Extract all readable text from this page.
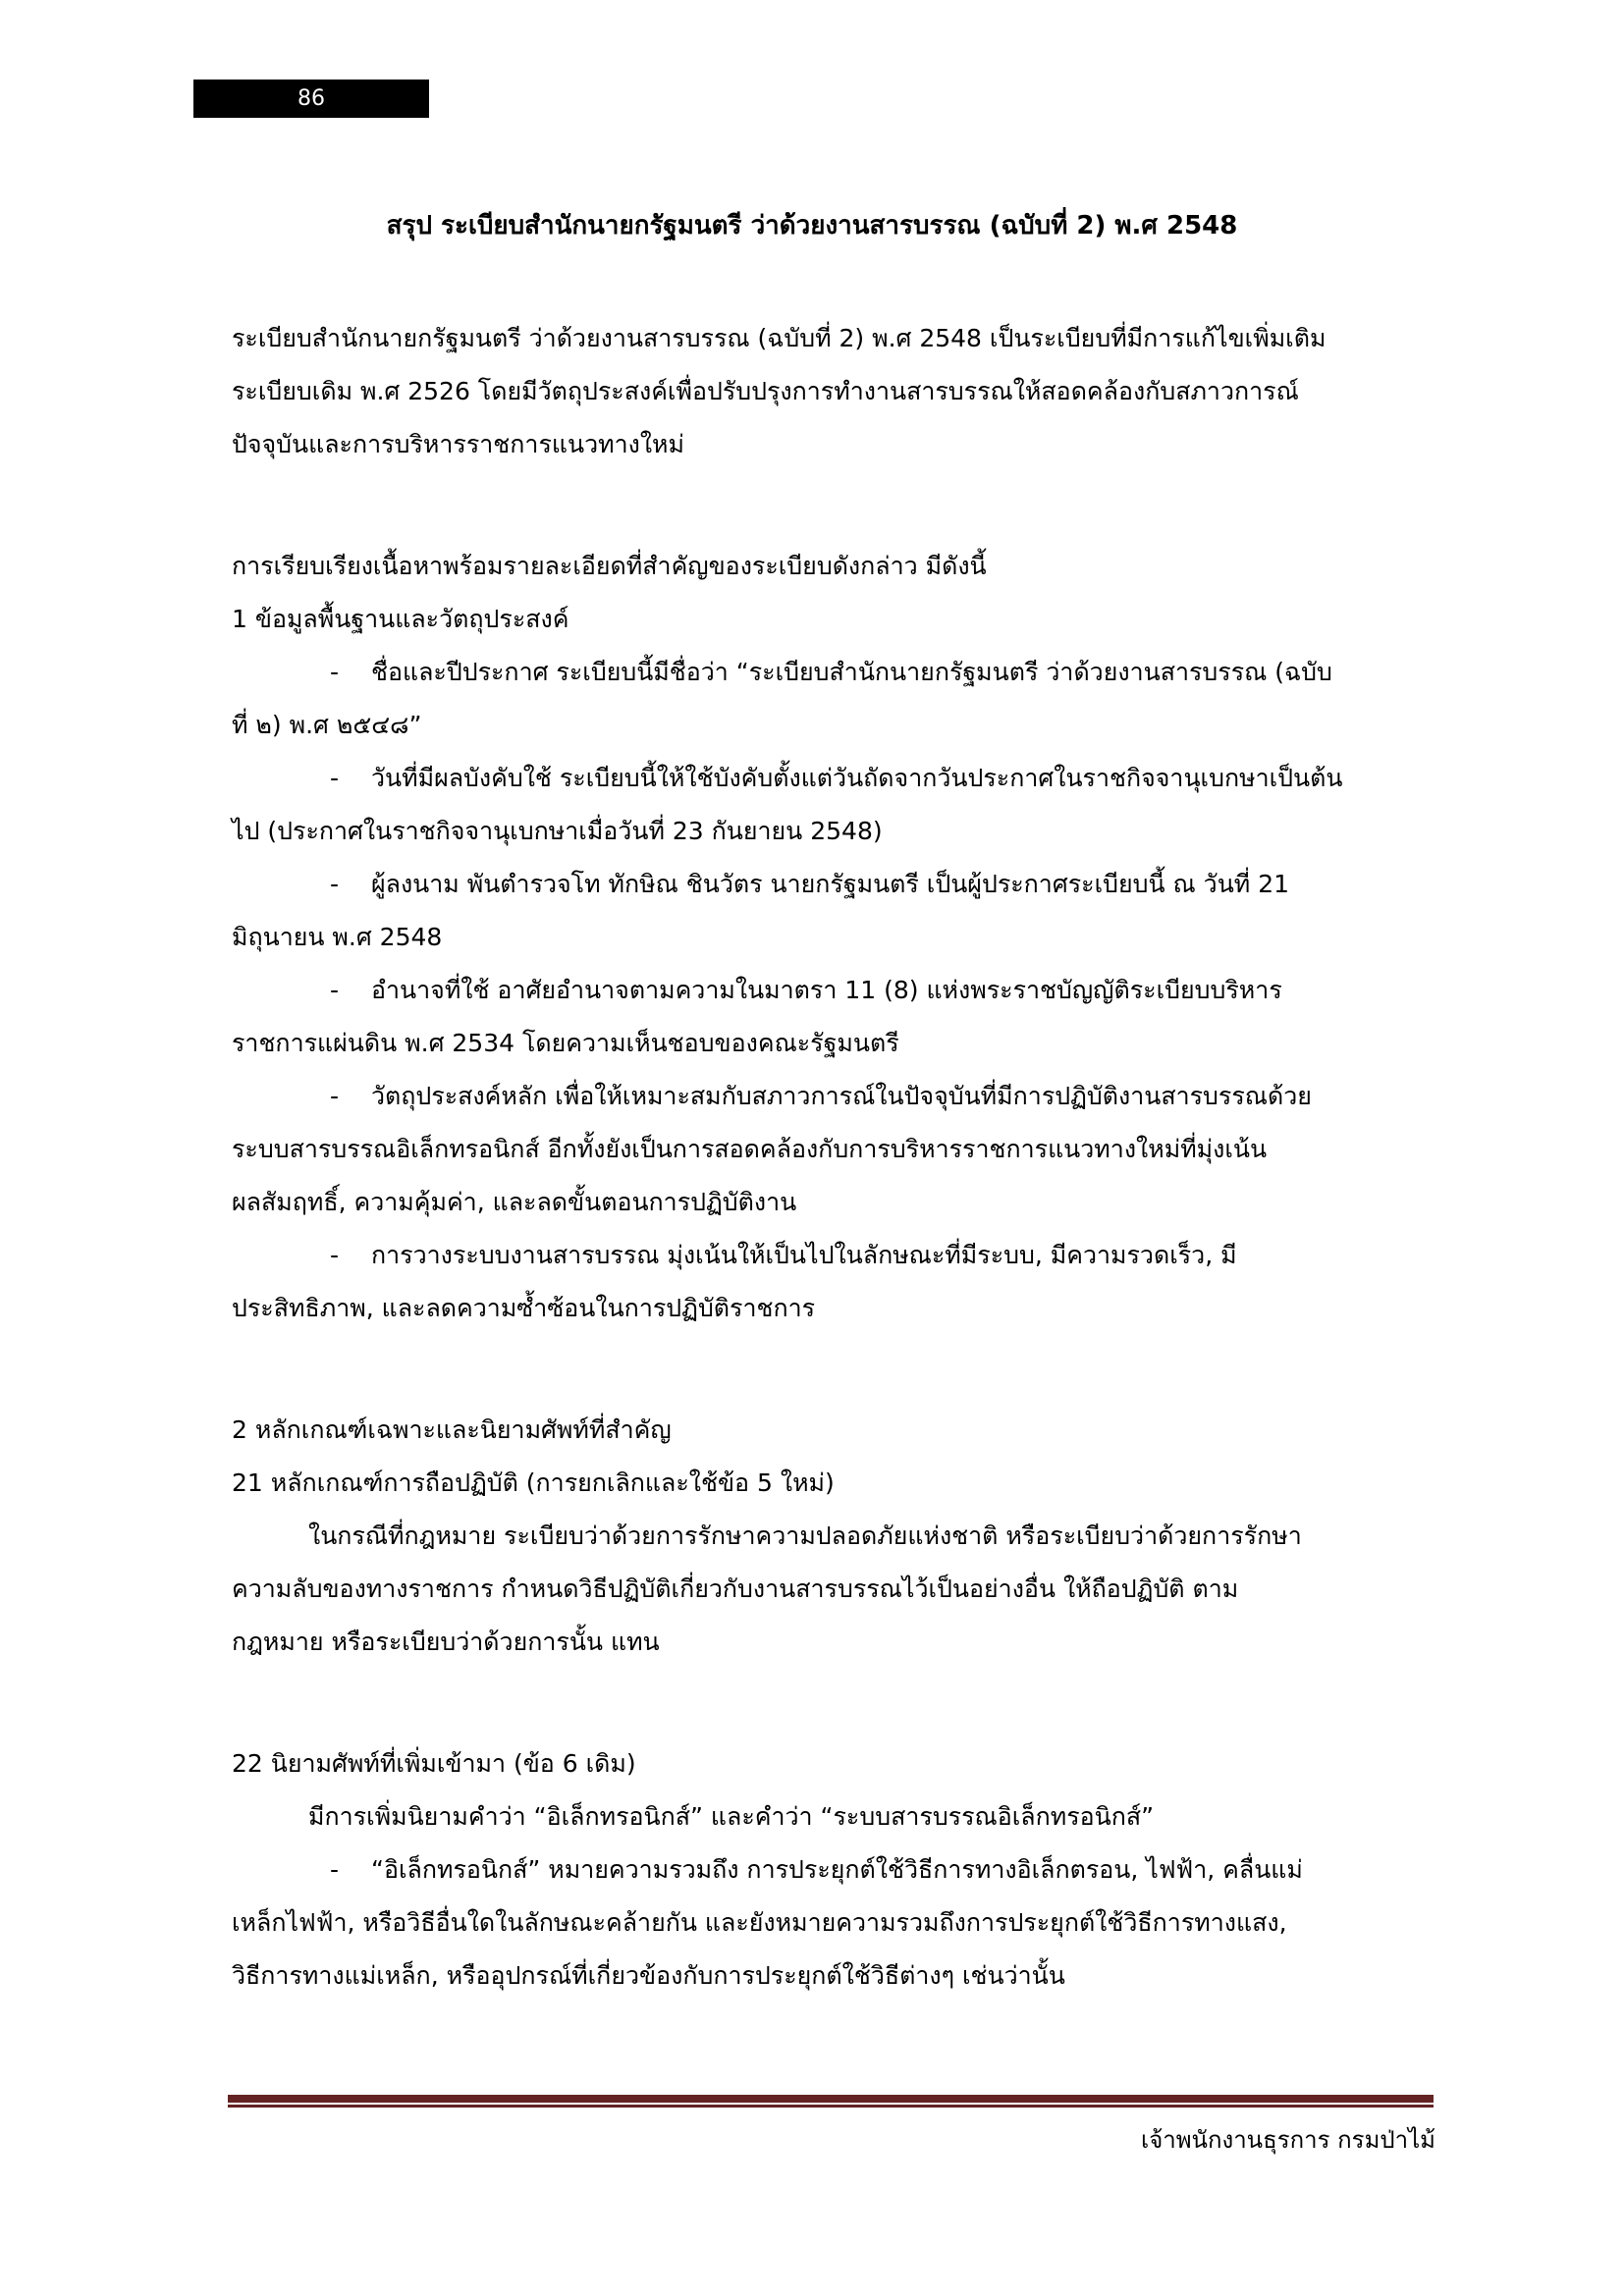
86
สรุป ระเบียบสำนักนายกรัฐมนตรี ว่าด้วยงานสารบรรณ (ฉบับที่ 2) พ.ศ 2548
ระเบียบสำนักนายกรัฐมนตรี ว่าด้วยงานสารบรรณ (ฉบับที่ 2) พ.ศ 2548 เป็นระเบียบที่มีการแก้ไขเพิ่มเติม
ระเบียบเดิม พ.ศ 2526 โดยมีวัตถุประสงค์เพื่อปรับปรุงการทำงานสารบรรณให้สอดคล้องกับสภาวการณ์
ปัจจุบันและการบริหารราชการแนวทางใหม่
การเรียบเรียงเนื้อหาพร้อมรายละเอียดที่สำคัญของระเบียบดังกล่าว มีดังนี้
1 ข้อมูลพื้นฐานและวัตถุประสงค์
- ชื่อและปีประกาศ ระเบียบนี้มีชื่อว่า “ระเบียบสำนักนายกรัฐมนตรี ว่าด้วยงานสารบรรณ (ฉบับ
ที่ ๒) พ.ศ ๒๕๔๘”
- วันที่มีผลบังคับใช้ ระเบียบนี้ให้ใช้บังคับตั้งแต่วันถัดจากวันประกาศในราชกิจจานุเบกษาเป็นต้น
ไป (ประกาศในราชกิจจานุเบกษาเมื่อวันที่ 23 กันยายน 2548)
- ผู้ลงนาม พันตำรวจโท ทักษิณ ชินวัตร นายกรัฐมนตรี เป็นผู้ประกาศระเบียบนี้ ณ วันที่ 21
มิถุนายน พ.ศ 2548
- อำนาจที่ใช้ อาศัยอำนาจตามความในมาตรา 11 (8) แห่งพระราชบัญญัติระเบียบบริหาร
ราชการแผ่นดิน พ.ศ 2534 โดยความเห็นชอบของคณะรัฐมนตรี
- วัตถุประสงค์หลัก เพื่อให้เหมาะสมกับสภาวการณ์ในปัจจุบันที่มีการปฏิบัติงานสารบรรณด้วย
ระบบสารบรรณอิเล็กทรอนิกส์ อีกทั้งยังเป็นการสอดคล้องกับการบริหารราชการแนวทางใหม่ที่มุ่งเน้น
ผลสัมฤทธิ์, ความคุ้มค่า, และลดขั้นตอนการปฏิบัติงาน
- การวางระบบงานสารบรรณ มุ่งเน้นให้เป็นไปในลักษณะที่มีระบบ, มีความรวดเร็ว, มี
ประสิทธิภาพ, และลดความซ้ำซ้อนในการปฏิบัติราชการ
2 หลักเกณฑ์เฉพาะและนิยามศัพท์ที่สำคัญ
21 หลักเกณฑ์การถือปฏิบัติ (การยกเลิกและใช้ข้อ 5 ใหม่)
ในกรณีที่กฎหมาย ระเบียบว่าด้วยการรักษาความปลอดภัยแห่งชาติ หรือระเบียบว่าด้วยการรักษา
ความลับของทางราชการ กำหนดวิธีปฏิบัติเกี่ยวกับงานสารบรรณไว้เป็นอย่างอื่น ให้ถือปฏิบัติ ตาม
กฎหมาย หรือระเบียบว่าด้วยการนั้น แทน
22 นิยามศัพท์ที่เพิ่มเข้ามา (ข้อ 6 เดิม)
มีการเพิ่มนิยามคำว่า “อิเล็กทรอนิกส์” และคำว่า “ระบบสารบรรณอิเล็กทรอนิกส์”
- “อิเล็กทรอนิกส์” หมายความรวมถึง การประยุกต์ใช้วิธีการทางอิเล็กตรอน, ไฟฟ้า, คลื่นแม่
เหล็กไฟฟ้า, หรือวิธีอื่นใดในลักษณะคล้ายกัน และยังหมายความรวมถึงการประยุกต์ใช้วิธีการทางแสง,
วิธีการทางแม่เหล็ก, หรืออุปกรณ์ที่เกี่ยวข้องกับการประยุกต์ใช้วิธีต่างๆ เช่นว่านั้น
เจ้าพนักงานธุรการ กรมป่าไม้
